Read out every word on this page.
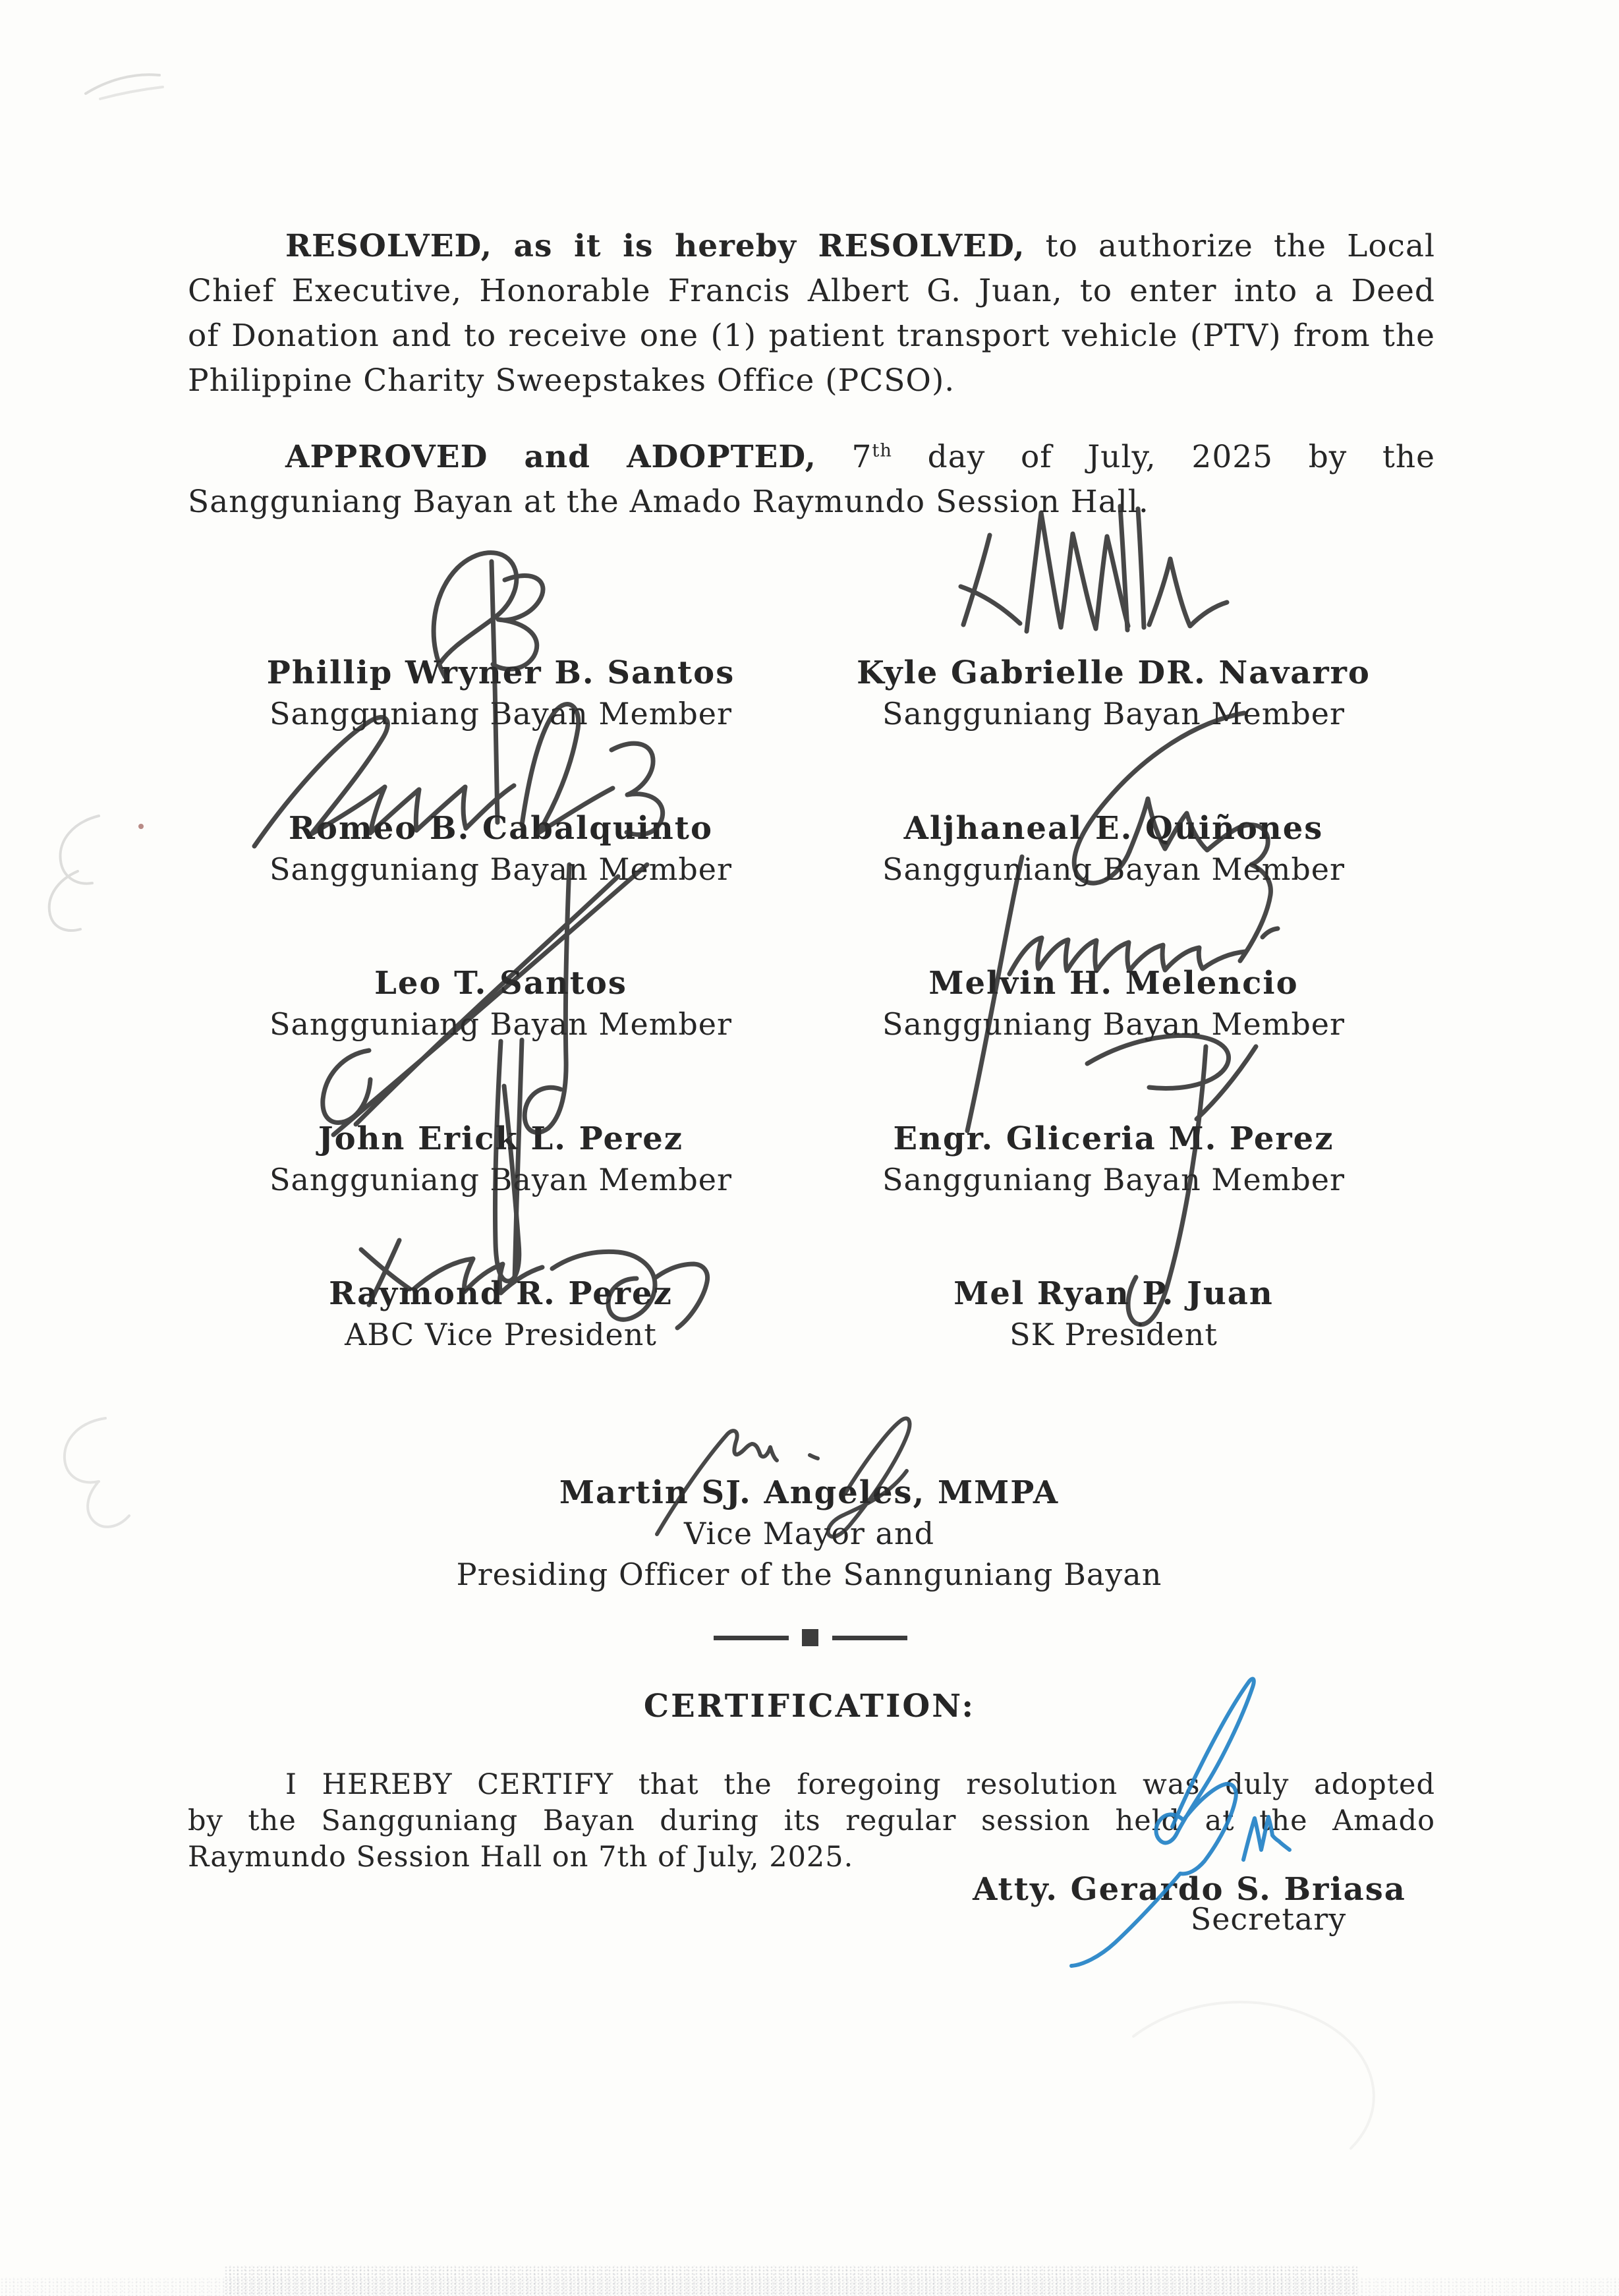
RESOLVED, as it is hereby RESOLVED, to authorize the Local
Chief Executive, Honorable Francis Albert G. Juan, to enter into a Deed
of Donation and to receive one (1) patient transport vehicle (PTV) from the
Philippine Charity Sweepstakes Office (PCSO).
APPROVED and ADOPTED, 7th day of July, 2025 by the
Sangguniang Bayan at the Amado Raymundo Session Hall.
Phillip Wryner B. Santos
Sangguniang Bayan Member
Kyle Gabrielle DR. Navarro
Sangguniang Bayan Member
Romeo B. Cabalquinto
Sangguniang Bayan Member
Aljhaneal E. Quiñones
Sangguniang Bayan Member
Leo T. Santos
Sangguniang Bayan Member
Melvin H. Melencio
Sangguniang Bayan Member
John Erick L. Perez
Sangguniang Bayan Member
Engr. Gliceria M. Perez
Sangguniang Bayan Member
Raymond R. Perez
ABC Vice President
Mel Ryan P. Juan
SK President
Martin SJ. Angeles, MMPA
Vice Mayor and
Presiding Officer of the Sannguniang Bayan
CERTIFICATION:
I HEREBY CERTIFY that the foregoing resolution was duly adopted
by the Sangguniang Bayan during its regular session held at the Amado
Raymundo Session Hall on 7th of July, 2025.
Atty. Gerardo S. Briasa
Secretary
